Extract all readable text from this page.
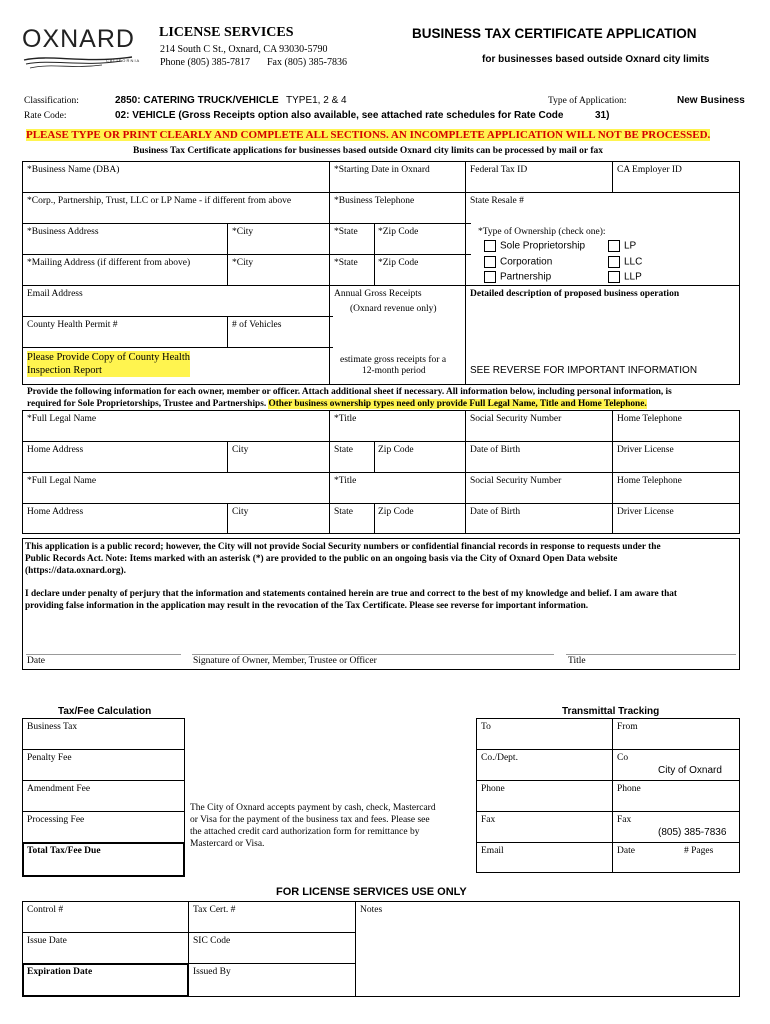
OXNARD
C A L I F O R N I A
LICENSE SERVICES
214 South C St., Oxnard, CA 93030-5790
Phone (805) 385-7817 Fax (805) 385-7836
BUSINESS TAX CERTIFICATE APPLICATION
for businesses based outside Oxnard city limits
Classification:	2850: CATERING TRUCK/VEHICLE TYPE1, 2 & 4
Rate Code:	02: VEHICLE (Gross Receipts option also available, see attached rate schedules for Rate Code	31)
Type of Application:	New Business
PLEASE TYPE OR PRINT CLEARLY AND COMPLETE ALL SECTIONS. AN INCOMPLETE APPLICATION WILL NOT BE PROCESSED.
Business Tax Certificate applications for businesses based outside Oxnard city limits can be processed by mail or fax
*Business Name (DBA)	*Starting Date in Oxnard	Federal Tax ID	CA Employer ID
*Corp., Partnership, Trust, LLC or LP Name - if different from above	*Business Telephone	State Resale #
*Business Address	*City	*State *Zip Code	*Type of Ownership (check one):
Sole Proprietorship
Corporation
Partnership
LP
LLC
LLP
*Mailing Address (if different from above)	*City	*State *Zip Code
Email Address	Annual Gross Receipts
(Oxnard revenue only)
Detailed description of proposed business operation
County Health Permit #	# of Vehicles
Please Provide Copy of County Health
Inspection Report
estimate gross receipts for a
12-month period	SEE REVERSE FOR IMPORTANT INFORMATION
Provide the following information for each owner, member or officer. Attach additional sheet if necessary. All information below, including personal information, is
required for Sole Proprietorships, Trustee and Partnerships. Other business ownership types need only provide Full Legal Name, Title and Home Telephone.
*Full Legal Name	*Title	Social Security Number	Home Telephone
Home Address	City	State	Zip Code	Date of Birth	Driver License
*Full Legal Name	*Title	Social Security Number	Home Telephone
Home Address	City	State	Zip Code	Date of Birth	Driver License
This application is a public record; however, the City will not provide Social Security numbers or confidential financial records in response to requests under the
Public Records Act. Note: Items marked with an asterisk (*) are provided to the public on an ongoing basis via the City of Oxnard Open Data website
(https://data.oxnard.org).
I declare under penalty of perjury that the information and statements contained herein are true and correct to the best of my knowledge and belief. I am aware that
providing false information in the application may result in the revocation of the Tax Certificate. Please see reverse for important information.
Date	Signature of Owner, Member, Trustee or Officer	Title
Tax/Fee Calculation
Business Tax
Penalty Fee
Amendment Fee
Processing Fee
Total Tax/Fee Due
The City of Oxnard accepts payment by cash, check, Mastercard
or Visa for the payment of the business tax and fees. Please see
the attached credit card authorization form for remittance by
Mastercard or Visa.
Transmittal Tracking
To	From
Co./Dept.	Co
City of Oxnard
Phone	Phone
Fax	Fax
(805) 385-7836
Email	Date	# Pages
FOR LICENSE SERVICES USE ONLY
Control #	Tax Cert. #	Notes
Issue Date	SIC Code
Expiration Date	Issued By
